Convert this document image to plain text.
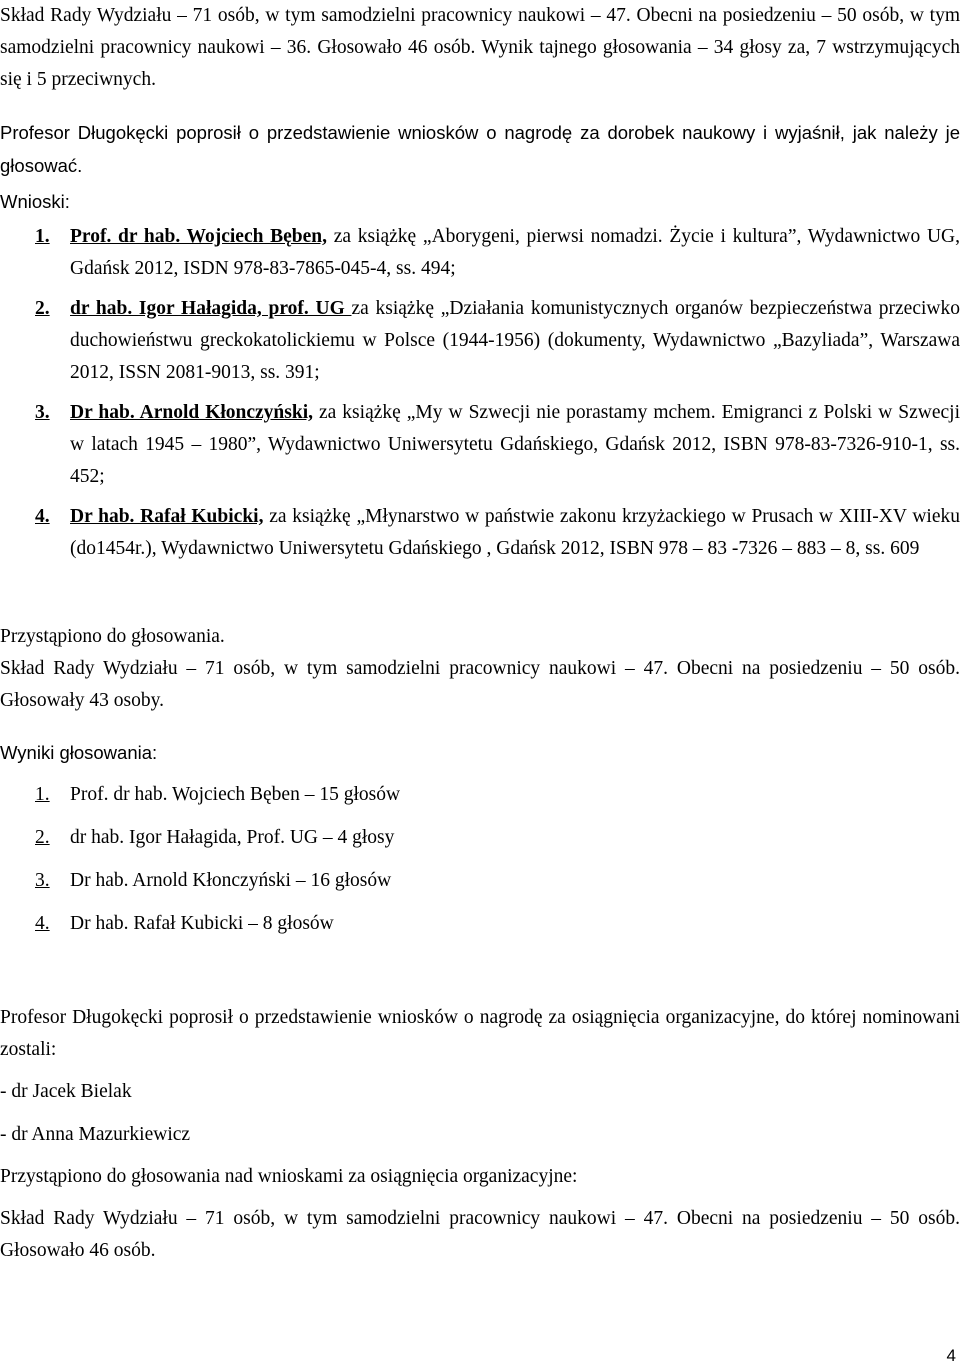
Skład Rady Wydziału – 71 osób, w tym samodzielni pracownicy naukowi – 47. Obecni na posiedzeniu – 50 osób, w tym samodzielni pracownicy naukowi – 36. Głosowało 46 osób. Wynik tajnego głosowania – 34 głosy za, 7 wstrzymujących się i 5 przeciwnych.

Profesor Długokęcki poprosił o przedstawienie wniosków o nagrodę za dorobek naukowy i wyjaśnił, jak należy je głosować.

Wnioski:

1. Prof. dr hab. Wojciech Bęben, za książkę „Aborygeni, pierwsi nomadzi. Życie i kultura”, Wydawnictwo UG, Gdańsk 2012, ISDN 978-83-7865-045-4, ss. 494;
2. dr hab. Igor Hałagida, prof. UG za książkę „Działania komunistycznych organów bezpieczeństwa przeciwko duchowieństwu greckokatolickiemu w Polsce (1944-1956) (dokumenty, Wydawnictwo „Bazyliada”, Warszawa 2012, ISSN 2081-9013, ss. 391;
3. Dr hab. Arnold Kłonczyński, za książkę „My w Szwecji nie porastamy mchem. Emigranci z Polski w Szwecji w latach 1945 – 1980”, Wydawnictwo Uniwersytetu Gdańskiego, Gdańsk 2012, ISBN 978-83-7326-910-1, ss. 452;
4. Dr hab. Rafał Kubicki, za książkę „Młynarstwo w państwie zakonu krzyżackiego w Prusach w XIII-XV wieku (do1454r.), Wydawnictwo Uniwersytetu Gdańskiego , Gdańsk 2012, ISBN 978 – 83 -7326 – 883 – 8, ss. 609

Przystąpiono do głosowania.

Skład Rady Wydziału – 71 osób, w tym samodzielni pracownicy naukowi – 47. Obecni na posiedzeniu – 50 osób. Głosowały 43 osoby.

Wyniki głosowania:

1. Prof. dr hab. Wojciech Bęben – 15 głosów
2. dr hab. Igor Hałagida, Prof. UG – 4 głosy
3. Dr hab. Arnold Kłonczyński – 16 głosów
4. Dr hab. Rafał Kubicki – 8 głosów

Profesor Długokęcki poprosił o przedstawienie wniosków o nagrodę za osiągnięcia organizacyjne, do której nominowani zostali:

- dr Jacek Bielak

- dr Anna Mazurkiewicz

Przystąpiono do głosowania nad wnioskami za osiągnięcia organizacyjne:

Skład Rady Wydziału – 71 osób, w tym samodzielni pracownicy naukowi – 47. Obecni na posiedzeniu – 50 osób. Głosowało 46 osób.

4
